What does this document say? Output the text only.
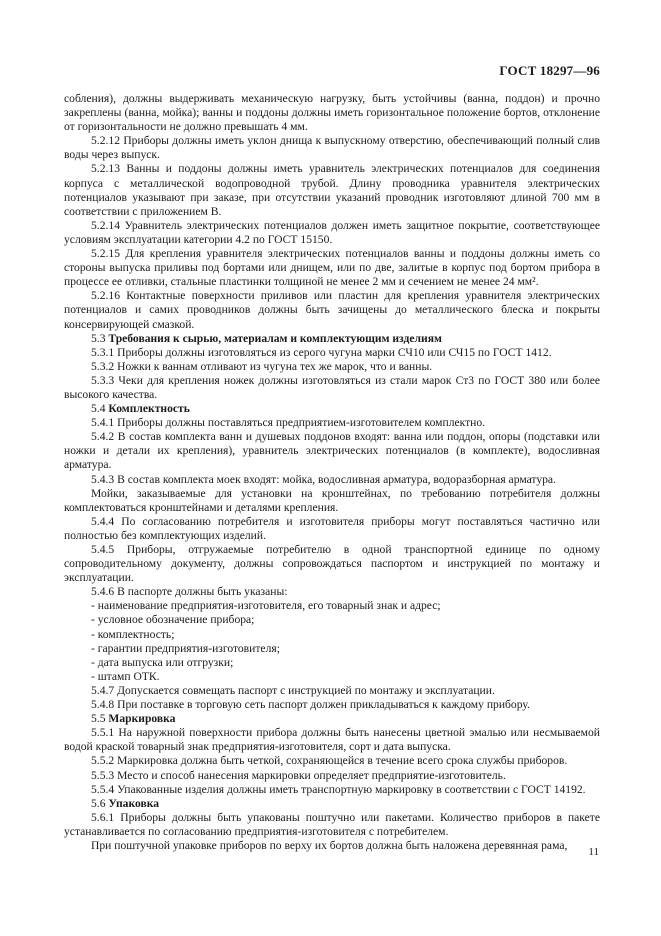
ГОСТ 18297—96

собления), должны выдерживать механическую нагрузку, быть устойчивы (ванна, поддон) и прочно закреплены (ванна, мойка); ванны и поддоны должны иметь горизонтальное положение бортов, отклонение от горизонтальности не должно превышать 4 мм.

5.2.12 Приборы должны иметь уклон днища к выпускному отверстию, обеспечивающий полный слив воды через выпуск.

5.2.13 Ванны и поддоны должны иметь уравнитель электрических потенциалов для соединения корпуса с металлической водопроводной трубой. Длину проводника уравнителя электрических потенциалов указывают при заказе, при отсутствии указаний проводник изготовляют длиной 700 мм в соответствии с приложением В.

5.2.14 Уравнитель электрических потенциалов должен иметь защитное покрытие, соответствующее условиям эксплуатации категории 4.2 по ГОСТ 15150.

5.2.15 Для крепления уравнителя электрических потенциалов ванны и поддоны должны иметь со стороны выпуска приливы под бортами или днищем, или по две, залитые в корпус под бортом прибора в процессе ее отливки, стальные пластинки толщиной не менее 2 мм и сечением не менее 24 мм².

5.2.16 Контактные поверхности приливов или пластин для крепления уравнителя электрических потенциалов и самих проводников должны быть зачищены до металлического блеска и покрыты консервирующей смазкой.

5.3 Требования к сырью, материалам и комплектующим изделиям

5.3.1 Приборы должны изготовляться из серого чугуна марки СЧ10 или СЧ15 по ГОСТ 1412.

5.3.2 Ножки к ваннам отливают из чугуна тех же марок, что и ванны.

5.3.3 Чеки для крепления ножек должны изготовляться из стали марок Ст3 по ГОСТ 380 или более высокого качества.

5.4 Комплектность

5.4.1 Приборы должны поставляться предприятием-изготовителем комплектно.

5.4.2 В состав комплекта ванн и душевых поддонов входят: ванна или поддон, опоры (подставки или ножки и детали их крепления), уравнитель электрических потенциалов (в комплекте), водосливная арматура.

5.4.3 В состав комплекта моек входят: мойка, водосливная арматура, водоразборная арматура.

Мойки, заказываемые для установки на кронштейнах, по требованию потребителя должны комплектоваться кронштейнами и деталями крепления.

5.4.4 По согласованию потребителя и изготовителя приборы могут поставляться частично или полностью без комплектующих изделий.

5.4.5 Приборы, отгружаемые потребителю в одной транспортной единице по одному сопроводительному документу, должны сопровождаться паспортом и инструкцией по монтажу и эксплуатации.

5.4.6 В паспорте должны быть указаны:

- наименование предприятия-изготовителя, его товарный знак и адрес;

- условное обозначение прибора;

- комплектность;

- гарантии предприятия-изготовителя;

- дата выпуска или отгрузки;

- штамп ОТК.

5.4.7 Допускается совмещать паспорт с инструкцией по монтажу и эксплуатации.

5.4.8 При поставке в торговую сеть паспорт должен прикладываться к каждому прибору.

5.5 Маркировка

5.5.1 На наружной поверхности прибора должны быть нанесены цветной эмалью или несмываемой водой краской товарный знак предприятия-изготовителя, сорт и дата выпуска.

5.5.2 Маркировка должна быть четкой, сохраняющейся в течение всего срока службы приборов.

5.5.3 Место и способ нанесения маркировки определяет предприятие-изготовитель.

5.5.4 Упакованные изделия должны иметь транспортную маркировку в соответствии с ГОСТ 14192.

5.6 Упаковка

5.6.1 Приборы должны быть упакованы поштучно или пакетами. Количество приборов в пакете устанавливается по согласованию предприятия-изготовителя с потребителем.

При поштучной упаковке приборов по верху их бортов должна быть наложена деревянная рама,

11
